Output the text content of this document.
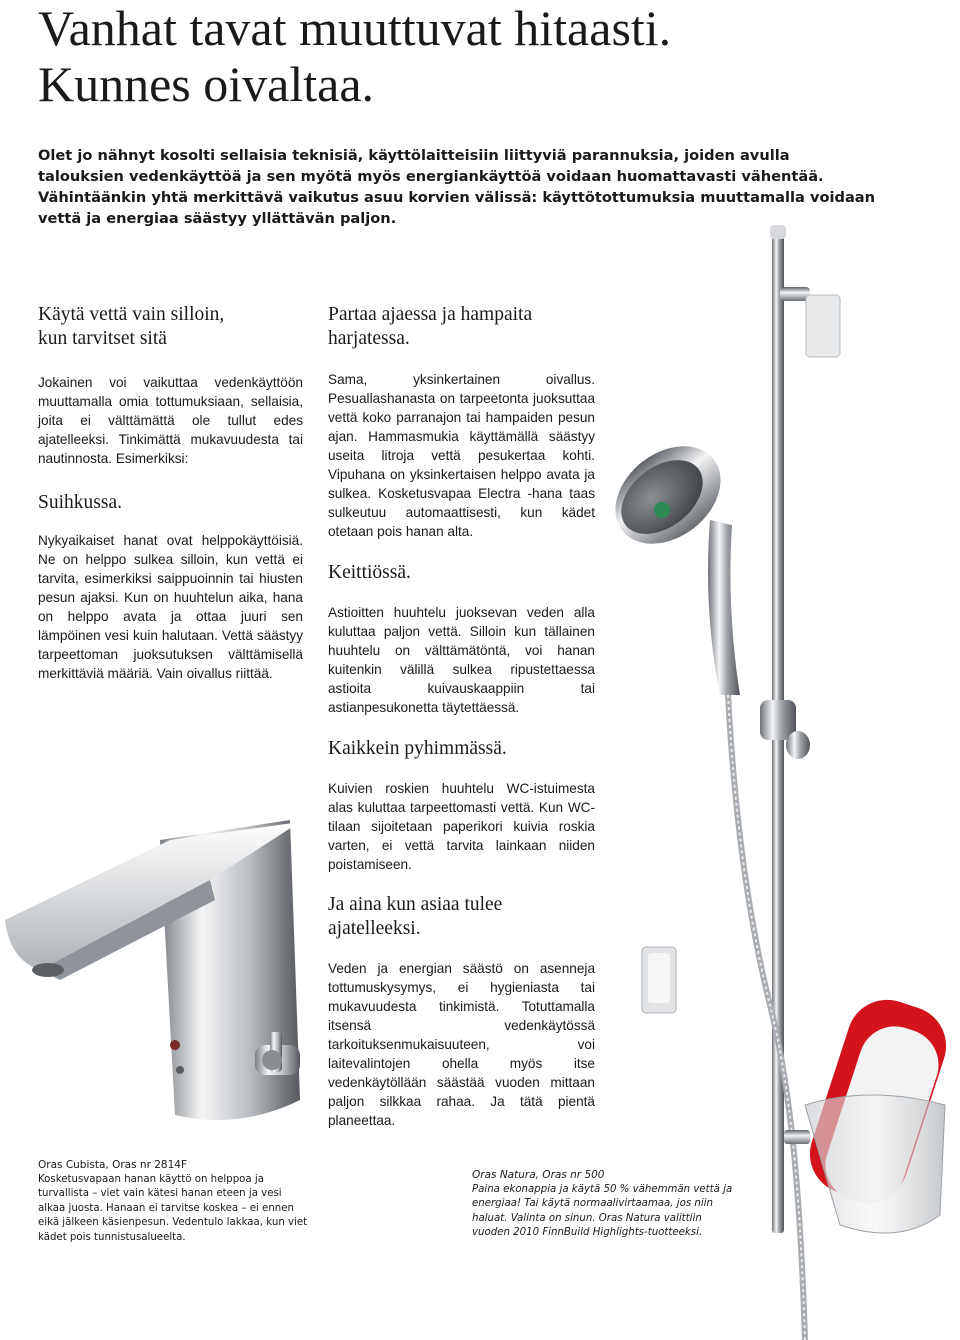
Vanhat tavat muuttuvat hitaasti.
Kunnes oivaltaa.

Olet jo nähnyt kosolti sellaisia teknisiä, käyttölaitteisiin liittyviä parannuksia, joiden avulla talouksien vedenkäyttöä ja sen myötä myös energiankäyttöä voidaan huomattavasti vähentää. Vähintäänkin yhtä merkittävä vaikutus asuu korvien välissä: käyttötottumuksia muuttamalla voidaan vettä ja energiaa säästyy yllättävän paljon.

Käytä vettä vain silloin, kun tarvitset sitä

Jokainen voi vaikuttaa vedenkäyttöön muuttamalla omia tottumuksiaan, sellaisia, joita ei välttämättä ole tullut edes ajatelleeksi. Tinkimättä mukavuudesta tai nautinnosta. Esimerkiksi:

Suihkussa.

Nykyaikaiset hanat ovat helppokäyttöisiä. Ne on helppo sulkea silloin, kun vettä ei tarvita, esimerkiksi saippuoinnin tai hiusten pesun ajaksi. Kun on huuhtelun aika, hana on helppo avata ja ottaa juuri sen lämpöinen vesi kuin halutaan. Vettä säästyy tarpeettoman juoksutuksen välttämisellä merkittäviä määriä. Vain oivallus riittää.

Partaa ajaessa ja hampaita harjatessa.

Sama, yksinkertainen oivallus. Pesuallashanasta on tarpeetonta juoksuttaa vettä koko parranajon tai hampaiden pesun ajan. Hammasmukia käyttämällä säästyy useita litroja vettä pesukertaa kohti. Vipuhana on yksinkertaisen helppo avata ja sulkea. Kosketusvapaa Electra -hana taas sulkeutuu automaattisesti, kun kädet otetaan pois hanan alta.

Keittiössä.

Astioitten huuhtelu juoksevan veden alla kuluttaa paljon vettä. Silloin kun tällainen huuhtelu on välttämätöntä, voi hanan kuitenkin välillä sulkea ripustettaessa astioita kuivauskaappiin tai astianpesukonetta täytettäessä.

Kaikkein pyhimmässä.

Kuivien roskien huuhtelu WC-istuimesta alas kuluttaa tarpeettomasti vettä. Kun WC-tilaan sijoitetaan paperikori kuivia roskia varten, ei vettä tarvita lainkaan niiden poistamiseen.

Ja aina kun asiaa tulee ajatelleeksi.

Veden ja energian säästö on asenneja tottumuskysymys, ei hygieniasta tai mukavuudesta tinkimistä. Totuttamalla itsensä vedenkäytössä tarkoituksenmukaisuuteen, voi laitevalintojen ohella myös itse vedenkäytöllään säästää vuoden mittaan paljon silkkaa rahaa. Ja tätä pientä planeettaa.

Oras Cubista, Oras nr 2814F
Kosketusvapaan hanan käyttö on helppoa ja turvallista – viet vain kätesi hanan eteen ja vesi alkaa juosta. Hanaan ei tarvitse koskea – ei ennen eikä jälkeen käsienpesun. Vedentulo lakkaa, kun viet kädet pois tunnistusalueelta.

Oras Natura, Oras nr 500
Paina ekonappia ja käytä 50 % vähemmän vettä ja energiaa! Tai käytä normaalivirtaamaa, jos niin haluat. Valinta on sinun. Oras Natura valittiin vuoden 2010 FinnBuild Highlights-tuotteeksi.
